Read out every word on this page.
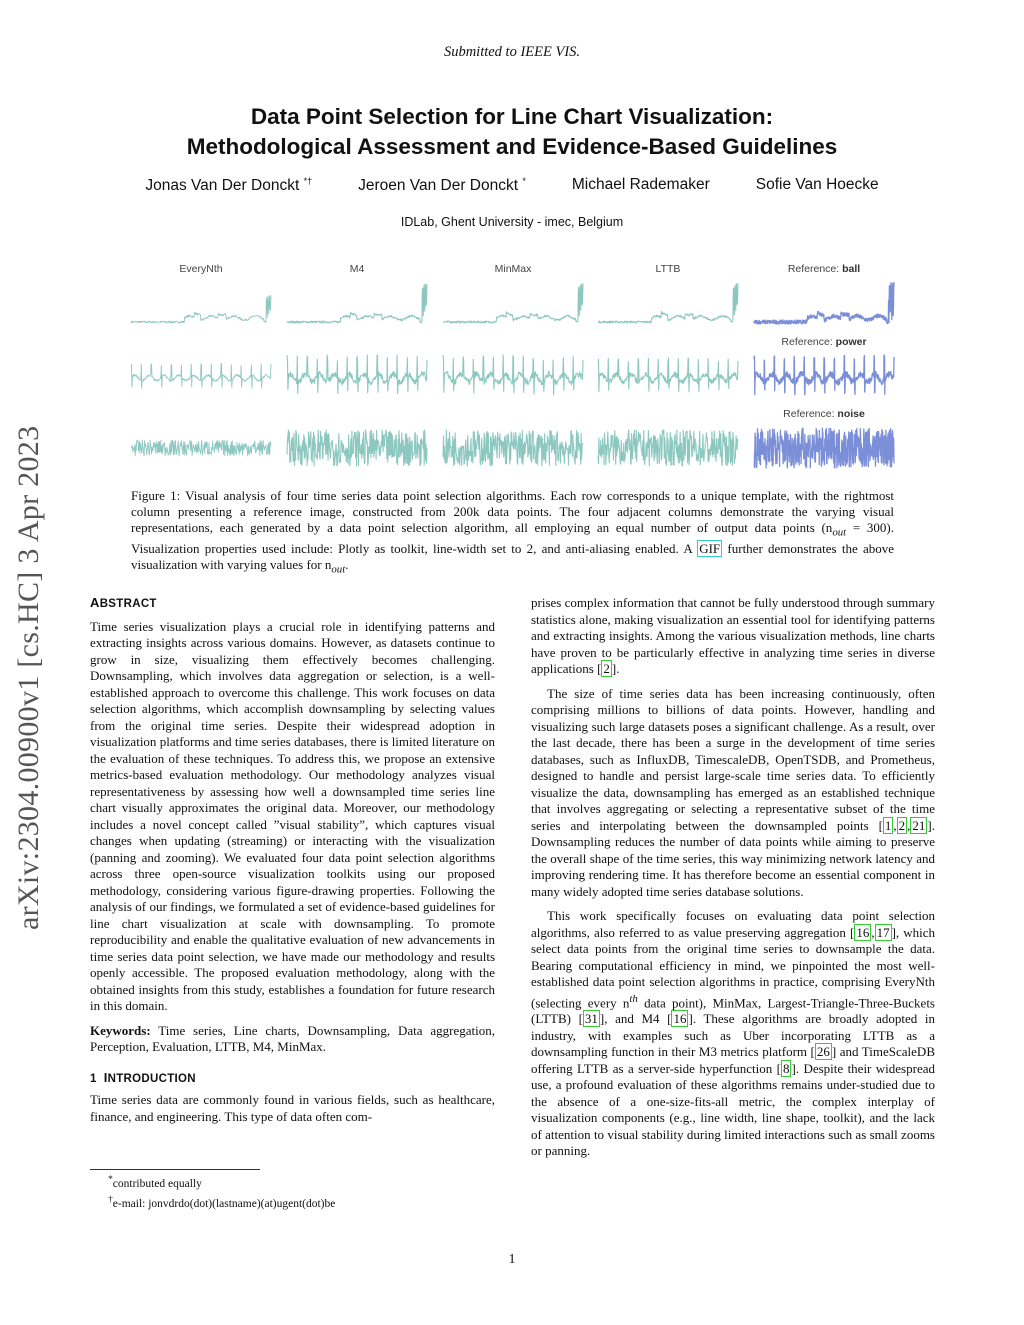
Submitted to IEEE VIS.
Data Point Selection for Line Chart Visualization:
Methodological Assessment and Evidence-Based Guidelines
Jonas Van Der Donckt *†	Jeroen Van Der Donckt *	Michael Rademaker	Sofie Van Hoecke
IDLab, Ghent University - imec, Belgium
arXiv:2304.00900v1 [cs.HC] 3 Apr 2023
EveryNth	M4	MinMax	LTTB	Reference: ball
Reference: power
Reference: noise
Figure 1: Visual analysis of four time series data point selection algorithms. Each row corresponds to a unique template, with the rightmost column presenting a reference image, constructed from 200k data points. The four adjacent columns demonstrate the varying visual representations, each generated by a data point selection algorithm, all employing an equal number of output data points $(n_{out} = 300)$. Visualization properties used include: Plotly as toolkit, line-width set to 2, and anti-aliasing enabled. A GIF further demonstrates the above visualization with varying values for $n_{out}$.
ABSTRACT

Time series visualization plays a crucial role in identifying patterns and extracting insights across various domains. However, as datasets continue to grow in size, visualizing them effectively becomes challenging. Downsampling, which involves data aggregation or selection, is a well-established approach to overcome this challenge. This work focuses on data selection algorithms, which accomplish downsampling by selecting values from the original time series. Despite their widespread adoption in visualization platforms and time series databases, there is limited literature on the evaluation of these techniques. To address this, we propose an extensive metrics-based evaluation methodology. Our methodology analyzes visual representativeness by assessing how well a downsampled time series line chart visually approximates the original data. Moreover, our methodology includes a novel concept called ”visual stability”, which captures visual changes when updating (streaming) or interacting with the visualization (panning and zooming). We evaluated four data point selection algorithms across three open-source visualization toolkits using our proposed methodology, considering various figure-drawing properties. Following the analysis of our findings, we formulated a set of evidence-based guidelines for line chart visualization at scale with downsampling. To promote reproducibility and enable the qualitative evaluation of new advancements in time series data point selection, we have made our methodology and results openly accessible. The proposed evaluation methodology, along with the obtained insights from this study, establishes a foundation for future research in this domain.

Keywords: Time series, Line charts, Downsampling, Data aggregation, Perception, Evaluation, LTTB, M4, MinMax.

1 INTRODUCTION

Time series data are commonly found in various fields, such as healthcare, finance, and engineering. This type of data often com-

*contributed equally
†e-mail: jonvdrdo(dot)(lastname)(at)ugent(dot)be

prises complex information that cannot be fully understood through summary statistics alone, making visualization an essential tool for identifying patterns and extracting insights. Among the various visualization methods, line charts have proven to be particularly effective in analyzing time series in diverse applications [ 2 ].

The size of time series data has been increasing continuously, often comprising millions to billions of data points. However, handling and visualizing such large datasets poses a significant challenge. As a result, over the last decade, there has been a surge in the development of time series databases, such as InfluxDB, TimescaleDB, OpenTSDB, and Prometheus, designed to handle and persist large-scale time series data. To efficiently visualize the data, downsampling has emerged as an established technique that involves aggregating or selecting a representative subset of the time series and interpolating between the downsampled points [ 1 , 2 , 21 ]. Downsampling reduces the number of data points while aiming to preserve the overall shape of the time series, this way minimizing network latency and improving rendering time. It has therefore become an essential component in many widely adopted time series database solutions.

This work specifically focuses on evaluating data point selection algorithms, also referred to as value preserving aggregation [ 16 , 17 ], which select data points from the original time series to downsample the data. Bearing computational efficiency in mind, we pinpointed the most well-established data point selection algorithms in practice, comprising EveryNth (selecting every $n^{th}$ data point), MinMax, Largest-Triangle-Three-Buckets (LTTB) [ 31 ], and M4 [ 16 ]. These algorithms are broadly adopted in industry, with examples such as Uber incorporating LTTB as a downsampling function in their M3 metrics platform [ 26 ] and TimeScaleDB offering LTTB as a server-side hyperfunction [ 8 ]. Despite their widespread use, a profound evaluation of these algorithms remains under-studied due to the absence of a one-size-fits-all metric, the complex interplay of visualization components (e.g., line width, line shape, toolkit), and the lack of attention to visual stability during limited interactions such as small zooms or panning.

1
